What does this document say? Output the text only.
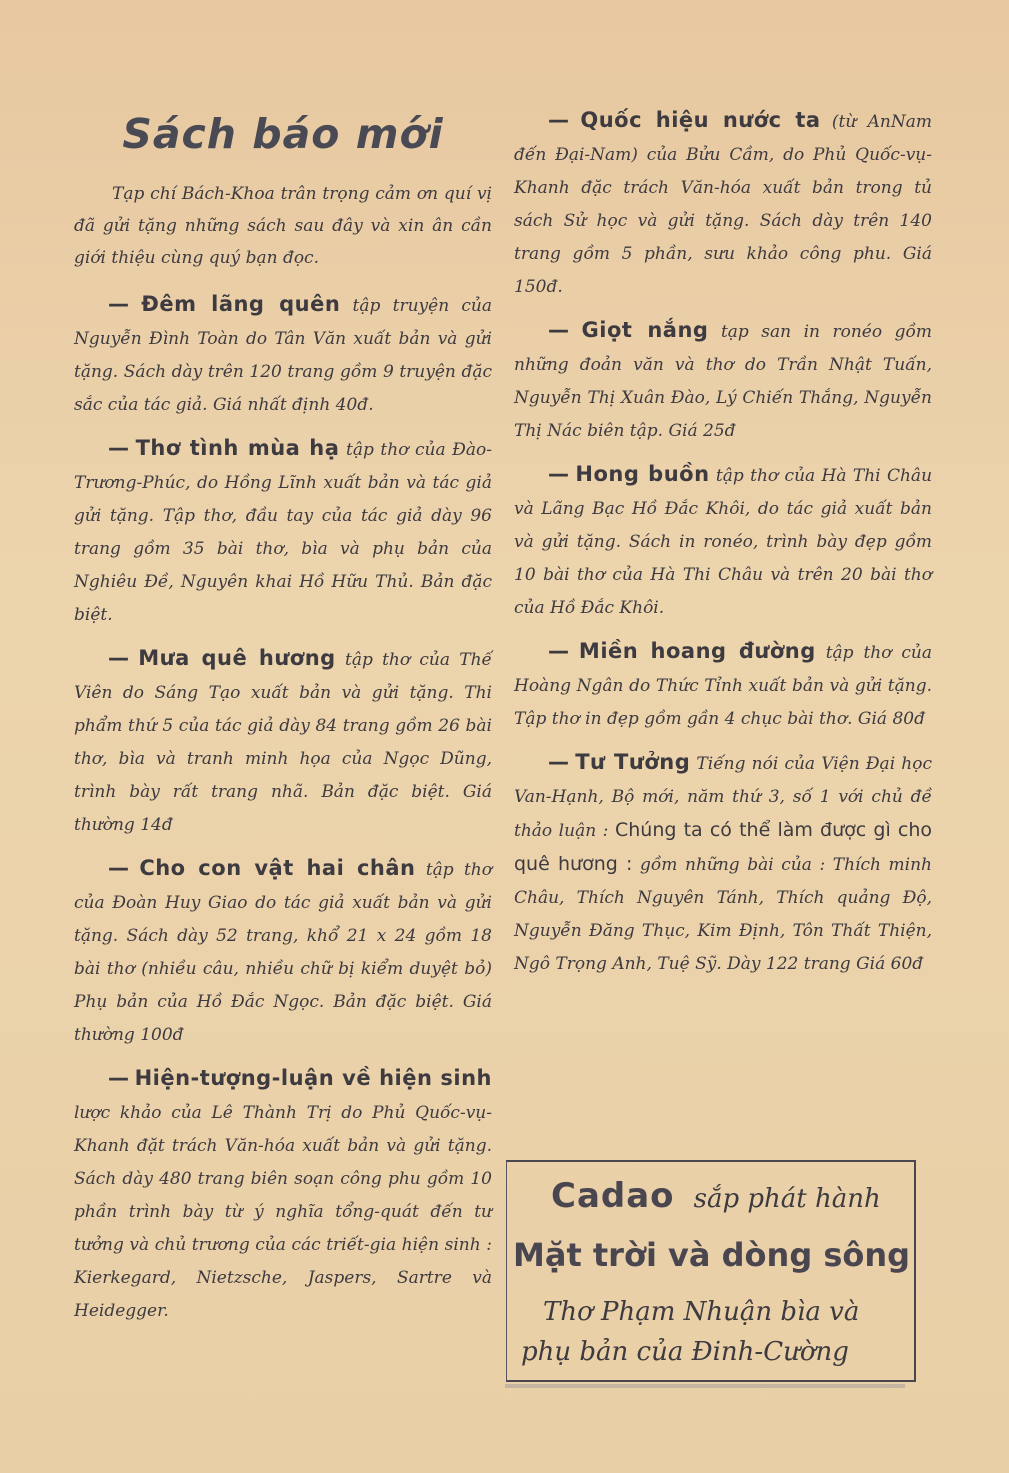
Sách báo mới

Tạp chí Bách-Khoa trân trọng cảm ơn quí vị đã gửi tặng những sách sau đây và xin ân cần giới thiệu cùng quý bạn đọc.

— Đêm lãng quên tập truyện của Nguyễn Đình Toàn do Tân Văn xuất bản và gửi tặng. Sách dày trên 120 trang gồm 9 truyện đặc sắc của tác giả. Giá nhất định 40đ.

— Thơ tình mùa hạ tập thơ của Đào-Trương-Phúc, do Hồng Lĩnh xuất bản và tác giả gửi tặng. Tập thơ, đầu tay của tác giả dày 96 trang gồm 35 bài thơ, bìa và phụ bản của Nghiêu Đề, Nguyên khai Hồ Hữu Thủ. Bản đặc biệt.

— Mưa quê hương tập thơ của Thế Viên do Sáng Tạo xuất bản và gửi tặng. Thi phẩm thứ 5 của tác giả dày 84 trang gồm 26 bài thơ, bìa và tranh minh họa của Ngọc Dũng, trình bày rất trang nhã. Bản đặc biệt. Giá thường 14đ

— Cho con vật hai chân tập thơ của Đoàn Huy Giao do tác giả xuất bản và gửi tặng. Sách dày 52 trang, khổ 21 x 24 gồm 18 bài thơ (nhiều câu, nhiều chữ bị kiểm duyệt bỏ) Phụ bản của Hồ Đắc Ngọc. Bản đặc biệt. Giá thường 100đ

— Hiện-tượng-luận về hiện sinh lược khảo của Lê Thành Trị do Phủ Quốc-vụ-Khanh đặt trách Văn-hóa xuất bản và gửi tặng. Sách dày 480 trang biên soạn công phu gồm 10 phần trình bày từ ý nghĩa tổng-quát đến tư tưởng và chủ trương của các triết-gia hiện sinh : Kierkegard, Nietzsche, Jaspers, Sartre và Heidegger.

— Quốc hiệu nước ta (từ AnNam đến Đại-Nam) của Bửu Cầm, do Phủ Quốc-vụ-Khanh đặc trách Văn-hóa xuất bản trong tủ sách Sử học và gửi tặng. Sách dày trên 140 trang gồm 5 phần, sưu khảo công phu. Giá 150đ.

— Giọt nắng tạp san in ronéo gồm những đoản văn và thơ do Trần Nhật Tuấn, Nguyễn Thị Xuân Đào, Lý Chiến Thắng, Nguyễn Thị Nác biên tập. Giá 25đ

— Hong buồn tập thơ của Hà Thi Châu và Lãng Bạc Hồ Đắc Khôi, do tác giả xuất bản và gửi tặng. Sách in ronéo, trình bày đẹp gồm 10 bài thơ của Hà Thi Châu và trên 20 bài thơ của Hồ Đắc Khôi.

— Miền hoang đường tập thơ của Hoàng Ngân do Thức Tỉnh xuất bản và gửi tặng. Tập thơ in đẹp gồm gần 4 chục bài thơ. Giá 80đ

— Tư Tưởng Tiếng nói của Viện Đại học Van-Hạnh, Bộ mới, năm thứ 3, số 1 với chủ đề thảo luận : Chúng ta có thể làm được gì cho quê hương : gồm những bài của : Thích minh Châu, Thích Nguyên Tánh, Thích quảng Độ, Nguyễn Đăng Thục, Kim Định, Tôn Thất Thiện, Ngô Trọng Anh, Tuệ Sỹ. Dày 122 trang Giá 60đ

Cadao sắp phát hành
Mặt trời và dòng sông
Thơ Phạm Nhuận bìa và phụ bản của Đinh-Cường
